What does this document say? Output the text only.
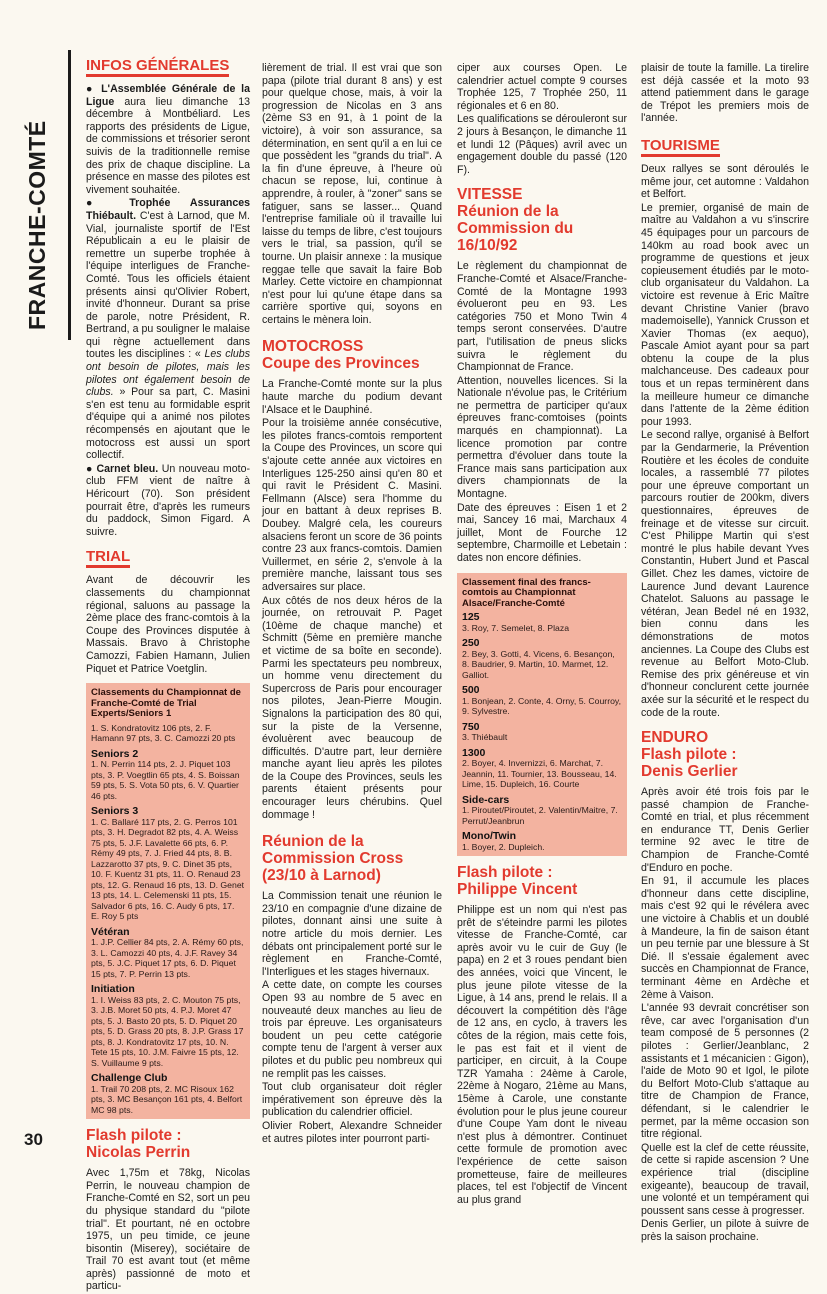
FRANCHE-COMTÉ
INFOS GÉNÉRALES

● L'Assemblée Générale de la Ligue aura lieu dimanche 13 décembre à Montbéliard. Les rapports des présidents de Ligue, de commissions et trésorier seront suivis de la traditionnelle remise des prix de chaque discipline. La présence en masse des pilotes est vivement souhaitée.

● Trophée Assurances Thiébault. C'est à Larnod, que M. Vial, journaliste sportif de l'Est Républicain a eu le plaisir de remettre un superbe trophée à l'équipe interligues de Franche-Comté. Tous les officiels étaient présents ainsi qu'Olivier Robert, invité d'honneur. Durant sa prise de parole, notre Président, R. Bertrand, a pu souligner le malaise qui règne actuellement dans toutes les disciplines : « Les clubs ont besoin de pilotes, mais les pilotes ont également besoin de clubs. » Pour sa part, C. Masini s'en est tenu au formidable esprit d'équipe qui a animé nos pilotes récompensés en ajoutant que le motocross est aussi un sport collectif.

● Carnet bleu. Un nouveau moto-club FFM vient de naître à Héricourt (70). Son président pourrait être, d'après les rumeurs du paddock, Simon Figard. A suivre.

TRIAL

Avant de découvrir les classements du championnat régional, saluons au passage la 2ème place des franc-comtois à la Coupe des Provinces disputée à Massais. Bravo à Christophe Camozzi, Fabien Hamann, Julien Piquet et Patrice Voetglin.

Classements du Championnat de Franche-Comté de Trial Experts/Seniors 1
1. S. Kondratovitz 106 pts, 2. F. Hamann 97 pts, 3. C. Camozzi 20 pts
Seniors 2
1. N. Perrin 114 pts, 2. J. Piquet 103 pts, 3. P. Voegtlin 65 pts, 4. S. Boissan 59 pts, 5. S. Vota 50 pts, 6. V. Quartier 46 pts.
Seniors 3
1. C. Ballaré 117 pts, 2. G. Perros 101 pts, 3. H. Degradot 82 pts, 4. A. Weiss 75 pts, 5. J.F. Lavalette 66 pts, 6. P. Rémy 49 pts, 7. J. Fried 44 pts, 8. B. Lazzarotto 37 pts, 9. C. Dinet 35 pts, 10. F. Kuentz 31 pts, 11. O. Renaud 23 pts, 12. G. Renaud 16 pts, 13. D. Genet 13 pts, 14. L. Celemenski 11 pts, 15. Salvador 6 pts, 16. C. Audy 6 pts, 17. E. Roy 5 pts
Vétéran
1. J.P. Cellier 84 pts, 2. A. Rémy 60 pts, 3. L. Camozzi 40 pts, 4. J.F. Ravey 34 pts, 5. J.C. Piquet 17 pts, 6. D. Piquet 15 pts, 7. P. Perrin 13 pts.
Initiation
1. I. Weiss 83 pts, 2. C. Mouton 75 pts, 3. J.B. Moret 50 pts, 4. P.J. Moret 47 pts, 5. J. Basto 20 pts, 5. D. Piquet 20 pts, 5. D. Grass 20 pts, 8. J.P. Grass 17 pts, 8. J. Kondratovitz 17 pts, 10. N. Tete 15 pts, 10. J.M. Faivre 15 pts, 12. S. Vuillaume 9 pts.
Challenge Club
1. Trail 70 208 pts, 2. MC Risoux 162 pts, 3. MC Besançon 161 pts, 4. Belfort MC 98 pts.
Flash pilote :
Nicolas Perrin

Avec 1,75m et 78kg, Nicolas Perrin, le nouveau champion de Franche-Comté en S2, sort un peu du physique standard du "pilote trial". Et pourtant, né en octobre 1975, un peu timide, ce jeune bisontin (Miserey), sociétaire de Trail 70 est avant tout (et même après) passionné de moto et particu-

lièrement de trial. Il est vrai que son papa (pilote trial durant 8 ans) y est pour quelque chose, mais, à voir la progression de Nicolas en 3 ans (2ème S3 en 91, à 1 point de la victoire), à voir son assurance, sa détermination, en sent qu'il a en lui ce que possèdent les "grands du trial". A la fin d'une épreuve, à l'heure où chacun se repose, lui, continue à apprendre, à rouler, à "zoner" sans se fatiguer, sans se lasser... Quand l'entreprise familiale où il travaille lui laisse du temps de libre, c'est toujours vers le trial, sa passion, qu'il se tourne. Un plaisir annexe : la musique reggae telle que savait la faire Bob Marley. Cette victoire en championnat n'est pour lui qu'une étape dans sa carrière sportive qui, soyons en certains le mènera loin.

MOTOCROSS
Coupe des Provinces

La Franche-Comté monte sur la plus haute marche du podium devant l'Alsace et le Dauphiné.

Pour la troisième année consécutive, les pilotes francs-comtois remportent la Coupe des Provinces, un score qui s'ajoute cette année aux victoires en Interligues 125-250 ainsi qu'en 80 et qui ravit le Président C. Masini. Fellmann (Alsce) sera l'homme du jour en battant à deux reprises B. Doubey. Malgré cela, les coureurs alsaciens feront un score de 36 points contre 23 aux francs-comtois. Damien Vuillermet, en série 2, s'envole à la première manche, laissant tous ses adversaires sur place.

Aux côtés de nos deux héros de la journée, on retrouvait P. Paget (10ème de chaque manche) et Schmitt (5ème en première manche et victime de sa boîte en seconde). Parmi les spectateurs peu nombreux, un homme venu directement du Supercross de Paris pour encourager nos pilotes, Jean-Pierre Mougin. Signalons la participation des 80 qui, sur la piste de la Versenne, évoluèrent avec beaucoup de difficultés. D'autre part, leur dernière manche ayant lieu après les pilotes de la Coupe des Provinces, seuls les parents étaient présents pour encourager leurs chérubins. Quel dommage !

Réunion de la
Commission Cross
(23/10 à Larnod)

La Commission tenait une réunion le 23/10 en compagnie d'une dizaine de pilotes, donnant ainsi une suite à notre article du mois dernier. Les débats ont principalement porté sur le règlement en Franche-Comté, l'Interligues et les stages hivernaux.

A cette date, on compte les courses Open 93 au nombre de 5 avec en nouveauté deux manches au lieu de trois par épreuve. Les organisateurs boudent un peu cette catégorie compte tenu de l'argent à verser aux pilotes et du public peu nombreux qui ne remplit pas les caisses.

Tout club organisateur doit régler impérativement son épreuve dès la publication du calendrier officiel.

Olivier Robert, Alexandre Schneider et autres pilotes inter pourront parti-

ciper aux courses Open. Le calendrier actuel compte 9 courses Trophée 125, 7 Trophée 250, 11 régionales et 6 en 80.

Les qualifications se dérouleront sur 2 jours à Besançon, le dimanche 11 et lundi 12 (Pâques) avril avec un engagement double du passé (120 F).

VITESSE
Réunion de la
Commission du 16/10/92

Le règlement du championnat de Franche-Comté et Alsace/Franche-Comté de la Montagne 1993 évolueront peu en 93. Les catégories 750 et Mono Twin 4 temps seront conservées. D'autre part, l'utilisation de pneus slicks suivra le règlement du Championnat de France.

Attention, nouvelles licences. Si la Nationale n'évolue pas, le Critérium ne permettra de participer qu'aux épreuves franc-comtoises (points marqués en championnat). La licence promotion par contre permettra d'évoluer dans toute la France mais sans participation aux divers championnats de la Montagne.

Date des épreuves : Eisen 1 et 2 mai, Sancey 16 mai, Marchaux 4 juillet, Mont de Fourche 12 septembre, Charmoille et Lebetain : dates non encore définies.

Classement final des francs-comtois au Championnat Alsace/Franche-Comté
125
3. Roy, 7. Semelet, 8. Plaza
250
2. Bey, 3. Gotti, 4. Vicens, 6. Besançon, 8. Baudrier, 9. Martin, 10. Marmet, 12. Galliot.
500
1. Bonjean, 2. Conte, 4. Orny, 5. Courroy, 9. Sylvestre.
750
3. Thiébault
1300
2. Boyer, 4. Invernizzi, 6. Marchat, 7. Jeannin, 11. Tournier, 13. Bousseau, 14. Lime, 15. Dupleich, 16. Courte
Side-cars
1. Piroutet/Piroutet, 2. Valentin/Maitre, 7. Perrut/Jeanbrun
Mono/Twin
1. Boyer, 2. Dupleich.
Flash pilote :
Philippe Vincent

Philippe est un nom qui n'est pas prêt de s'éteindre parmi les pilotes vitesse de Franche-Comté, car après avoir vu le cuir de Guy (le papa) en 2 et 3 roues pendant bien des années, voici que Vincent, le plus jeune pilote vitesse de la Ligue, à 14 ans, prend le relais. Il a découvert la compétition dès l'âge de 12 ans, en cyclo, à travers les côtes de la région, mais cette fois, le pas est fait et il vient de participer, en circuit, à la Coupe TZR Yamaha : 24ème à Carole, 22ème à Nogaro, 21ème au Mans, 15ème à Carole, une constante évolution pour le plus jeune coureur d'une Coupe Yam dont le niveau n'est plus à démontrer. Continuet cette formule de promotion avec l'expérience de cette saison prometteuse, faire de meilleures places, tel est l'objectif de Vincent au plus grand

plaisir de toute la famille. La tirelire est déjà cassée et la moto 93 attend patiemment dans le garage de Trépot les premiers mois de l'année.

TOURISME

Deux rallyes se sont déroulés le même jour, cet automne : Valdahon et Belfort.

Le premier, organisé de main de maître au Valdahon a vu s'inscrire 45 équipages pour un parcours de 140km au road book avec un programme de questions et jeux copieusement étudiés par le moto-club organisateur du Valdahon. La victoire est revenue à Eric Maître devant Christine Vanier (bravo mademoiselle), Yannick Crusson et Xavier Thomas (ex aequo), Pascale Amiot ayant pour sa part obtenu la coupe de la plus malchanceuse. Des cadeaux pour tous et un repas terminèrent dans la meilleure humeur ce dimanche dans l'attente de la 2ème édition pour 1993.

Le second rallye, organisé à Belfort par la Gendarmerie, la Prévention Routière et les écoles de conduite locales, a rassemblé 77 pilotes pour une épreuve comportant un parcours routier de 200km, divers questionnaires, épreuves de freinage et de vitesse sur circuit. C'est Philippe Martin qui s'est montré le plus habile devant Yves Constantin, Hubert Jund et Pascal Gillet. Chez les dames, victoire de Laurence Jund devant Laurence Chatelot. Saluons au passage le vétéran, Jean Bedel né en 1932, bien connu dans les démonstrations de motos anciennes. La Coupe des Clubs est revenue au Belfort Moto-Club. Remise des prix généreuse et vin d'honneur conclurent cette journée axée sur la sécurité et le respect du code de la route.

ENDURO
Flash pilote :
Denis Gerlier

Après avoir été trois fois par le passé champion de Franche-Comté en trial, et plus récemment en endurance TT, Denis Gerlier termine 92 avec le titre de Champion de Franche-Comté d'Enduro en poche.

En 91, il accumule les places d'honneur dans cette discipline, mais c'est 92 qui le révélera avec une victoire à Chablis et un doublé à Mandeure, la fin de saison étant un peu ternie par une blessure à St Dié. Il s'essaie également avec succès en Championnat de France, terminant 4ème en Ardèche et 2ème à Vaison.

L'année 93 devrait concrétiser son rêve, car avec l'organisation d'un team composé de 5 personnes (2 pilotes : Gerlier/Jeanblanc, 2 assistants et 1 mécanicien : Gigon), l'aide de Moto 90 et Igol, le pilote du Belfort Moto-Club s'attaque au titre de Champion de France, défendant, si le calendrier le permet, par la même occasion son titre régional.

Quelle est la clef de cette réussite, de cette si rapide ascension ? Une expérience trial (discipline exigeante), beaucoup de travail, une volonté et un tempérament qui poussent sans cesse à progresser.

Denis Gerlier, un pilote à suivre de près la saison prochaine.

30
